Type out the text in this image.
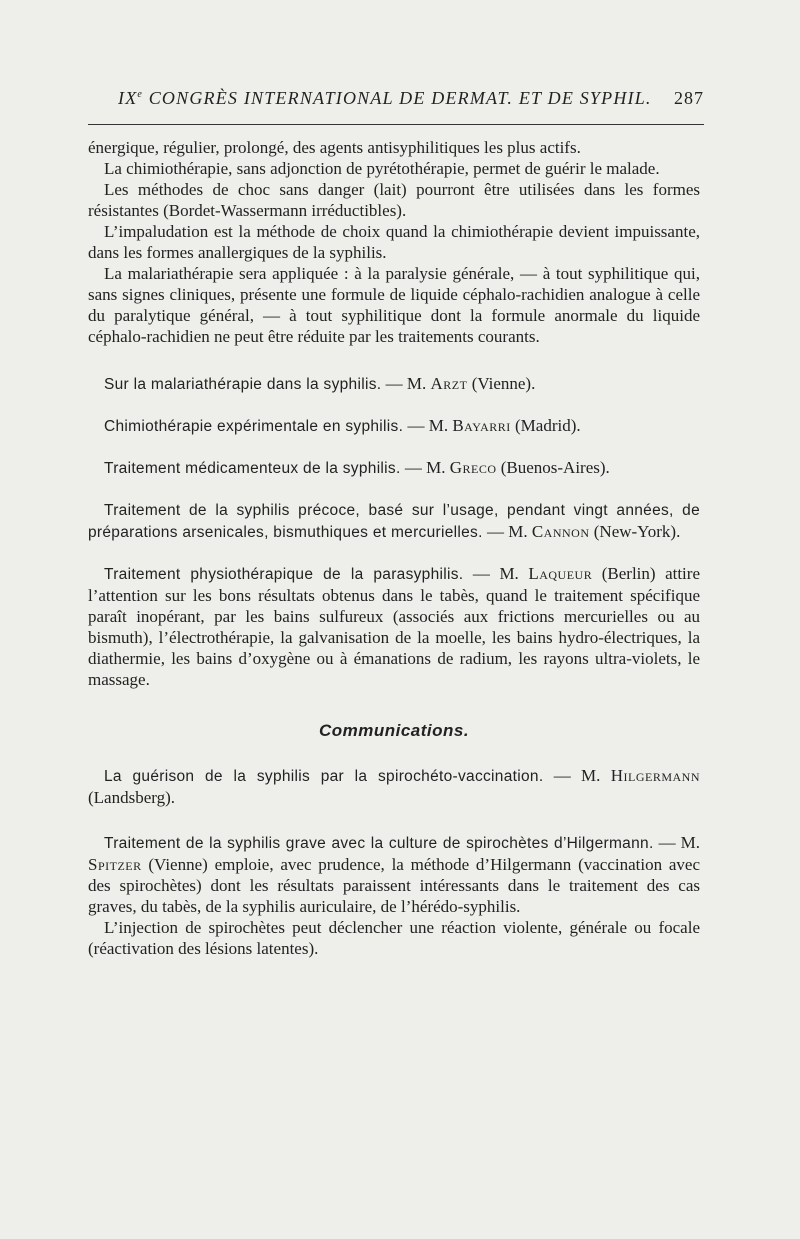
IXe CONGRÈS INTERNATIONAL DE DERMAT. ET DE SYPHIL. 287

énergique, régulier, prolongé, des agents antisyphilitiques les plus actifs.

La chimiothérapie, sans adjonction de pyrétothérapie, permet de guérir le malade.

Les méthodes de choc sans danger (lait) pourront être utilisées dans les formes résistantes (Bordet-Wassermann irréductibles).

L’impaludation est la méthode de choix quand la chimiothérapie devient impuissante, dans les formes anallergiques de la syphilis.

La malariathérapie sera appliquée : à la paralysie générale, — à tout syphilitique qui, sans signes cliniques, présente une formule de liquide céphalo-rachidien analogue à celle du paralytique général, — à tout syphilitique dont la formule anormale du liquide céphalo-rachidien ne peut être réduite par les traitements courants.

Sur la malariathérapie dans la syphilis. — M. Arzt (Vienne).

Chimiothérapie expérimentale en syphilis. — M. Bayarri (Madrid).

Traitement médicamenteux de la syphilis. — M. Greco (Buenos-Aires).

Traitement de la syphilis précoce, basé sur l’usage, pendant vingt années, de préparations arsenicales, bismuthiques et mercurielles. — M. Cannon (New-York).

Traitement physiothérapique de la parasyphilis. — M. Laqueur (Berlin) attire l’attention sur les bons résultats obtenus dans le tabès, quand le traitement spécifique paraît inopérant, par les bains sulfureux (associés aux frictions mercurielles ou au bismuth), l’électrothérapie, la galvanisation de la moelle, les bains hydro-électriques, la diathermie, les bains d’oxygène ou à émanations de radium, les rayons ultra-violets, le massage.

Communications.

La guérison de la syphilis par la spirochéto-vaccination. — M. Hilgermann (Landsberg).

Traitement de la syphilis grave avec la culture de spirochètes d’Hilgermann. — M. Spitzer (Vienne) emploie, avec prudence, la méthode d’Hilgermann (vaccination avec des spirochètes) dont les résultats paraissent intéressants dans le traitement des cas graves, du tabès, de la syphilis auriculaire, de l’hérédo-syphilis.

L’injection de spirochètes peut déclencher une réaction violente, générale ou focale (réactivation des lésions latentes).
